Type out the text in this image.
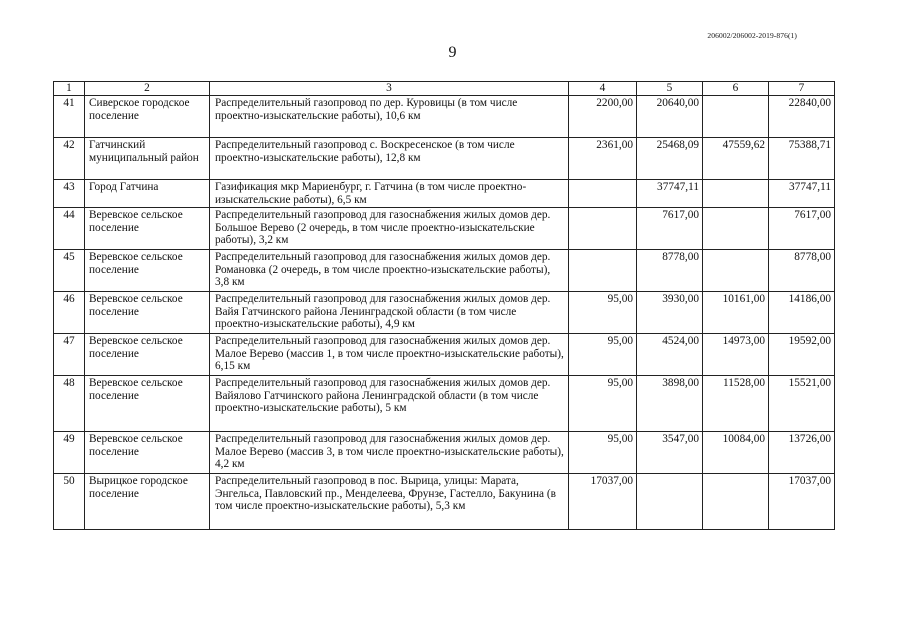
206002/206002-2019-876(1)
9
1	2	3	4	5	6	7
41	Сиверское городское поселение	Распределительный газопровод по дер. Куровицы (в том числе проектно-изыскательские работы), 10,6 км	2200,00	20640,00		22840,00
42	Гатчинский муниципальный район	Распределительный газопровод с. Воскресенское (в том числе проектно-изыскательские работы), 12,8 км	2361,00	25468,09	47559,62	75388,71
43	Город Гатчина	Газификация мкр Мариенбург, г. Гатчина (в том числе проектно-изыскательские работы), 6,5 км		37747,11		37747,11
44	Веревское сельское поселение	Распределительный газопровод для газоснабжения жилых домов дер. Большое Верево (2 очередь, в том числе проектно-изыскательские работы), 3,2 км		7617,00		7617,00
45	Веревское сельское поселение	Распределительный газопровод для газоснабжения жилых домов дер. Романовка (2 очередь, в том числе проектно-изыскательские работы), 3,8 км		8778,00		8778,00
46	Веревское сельское поселение	Распределительный газопровод для газоснабжения жилых домов дер. Вайя Гатчинского района Ленинградской области (в том числе проектно-изыскательские работы), 4,9 км	95,00	3930,00	10161,00	14186,00
47	Веревское сельское поселение	Распределительный газопровод для газоснабжения жилых домов дер. Малое Верево (массив 1, в том числе проектно-изыскательские работы), 6,15 км	95,00	4524,00	14973,00	19592,00
48	Веревское сельское поселение	Распределительный газопровод для газоснабжения жилых домов дер. Вайялово Гатчинского района Ленинградской области (в том числе проектно-изыскательские работы), 5 км	95,00	3898,00	11528,00	15521,00
49	Веревское сельское поселение	Распределительный газопровод для газоснабжения жилых домов дер. Малое Верево (массив 3, в том числе проектно-изыскательские работы), 4,2 км	95,00	3547,00	10084,00	13726,00
50	Вырицкое городское поселение	Распределительный газопровод в пос. Вырица, улицы: Марата, Энгельса, Павловский пр., Менделеева, Фрунзе, Гастелло, Бакунина (в том числе проектно-изыскательские работы), 5,3 км	17037,00			17037,00
